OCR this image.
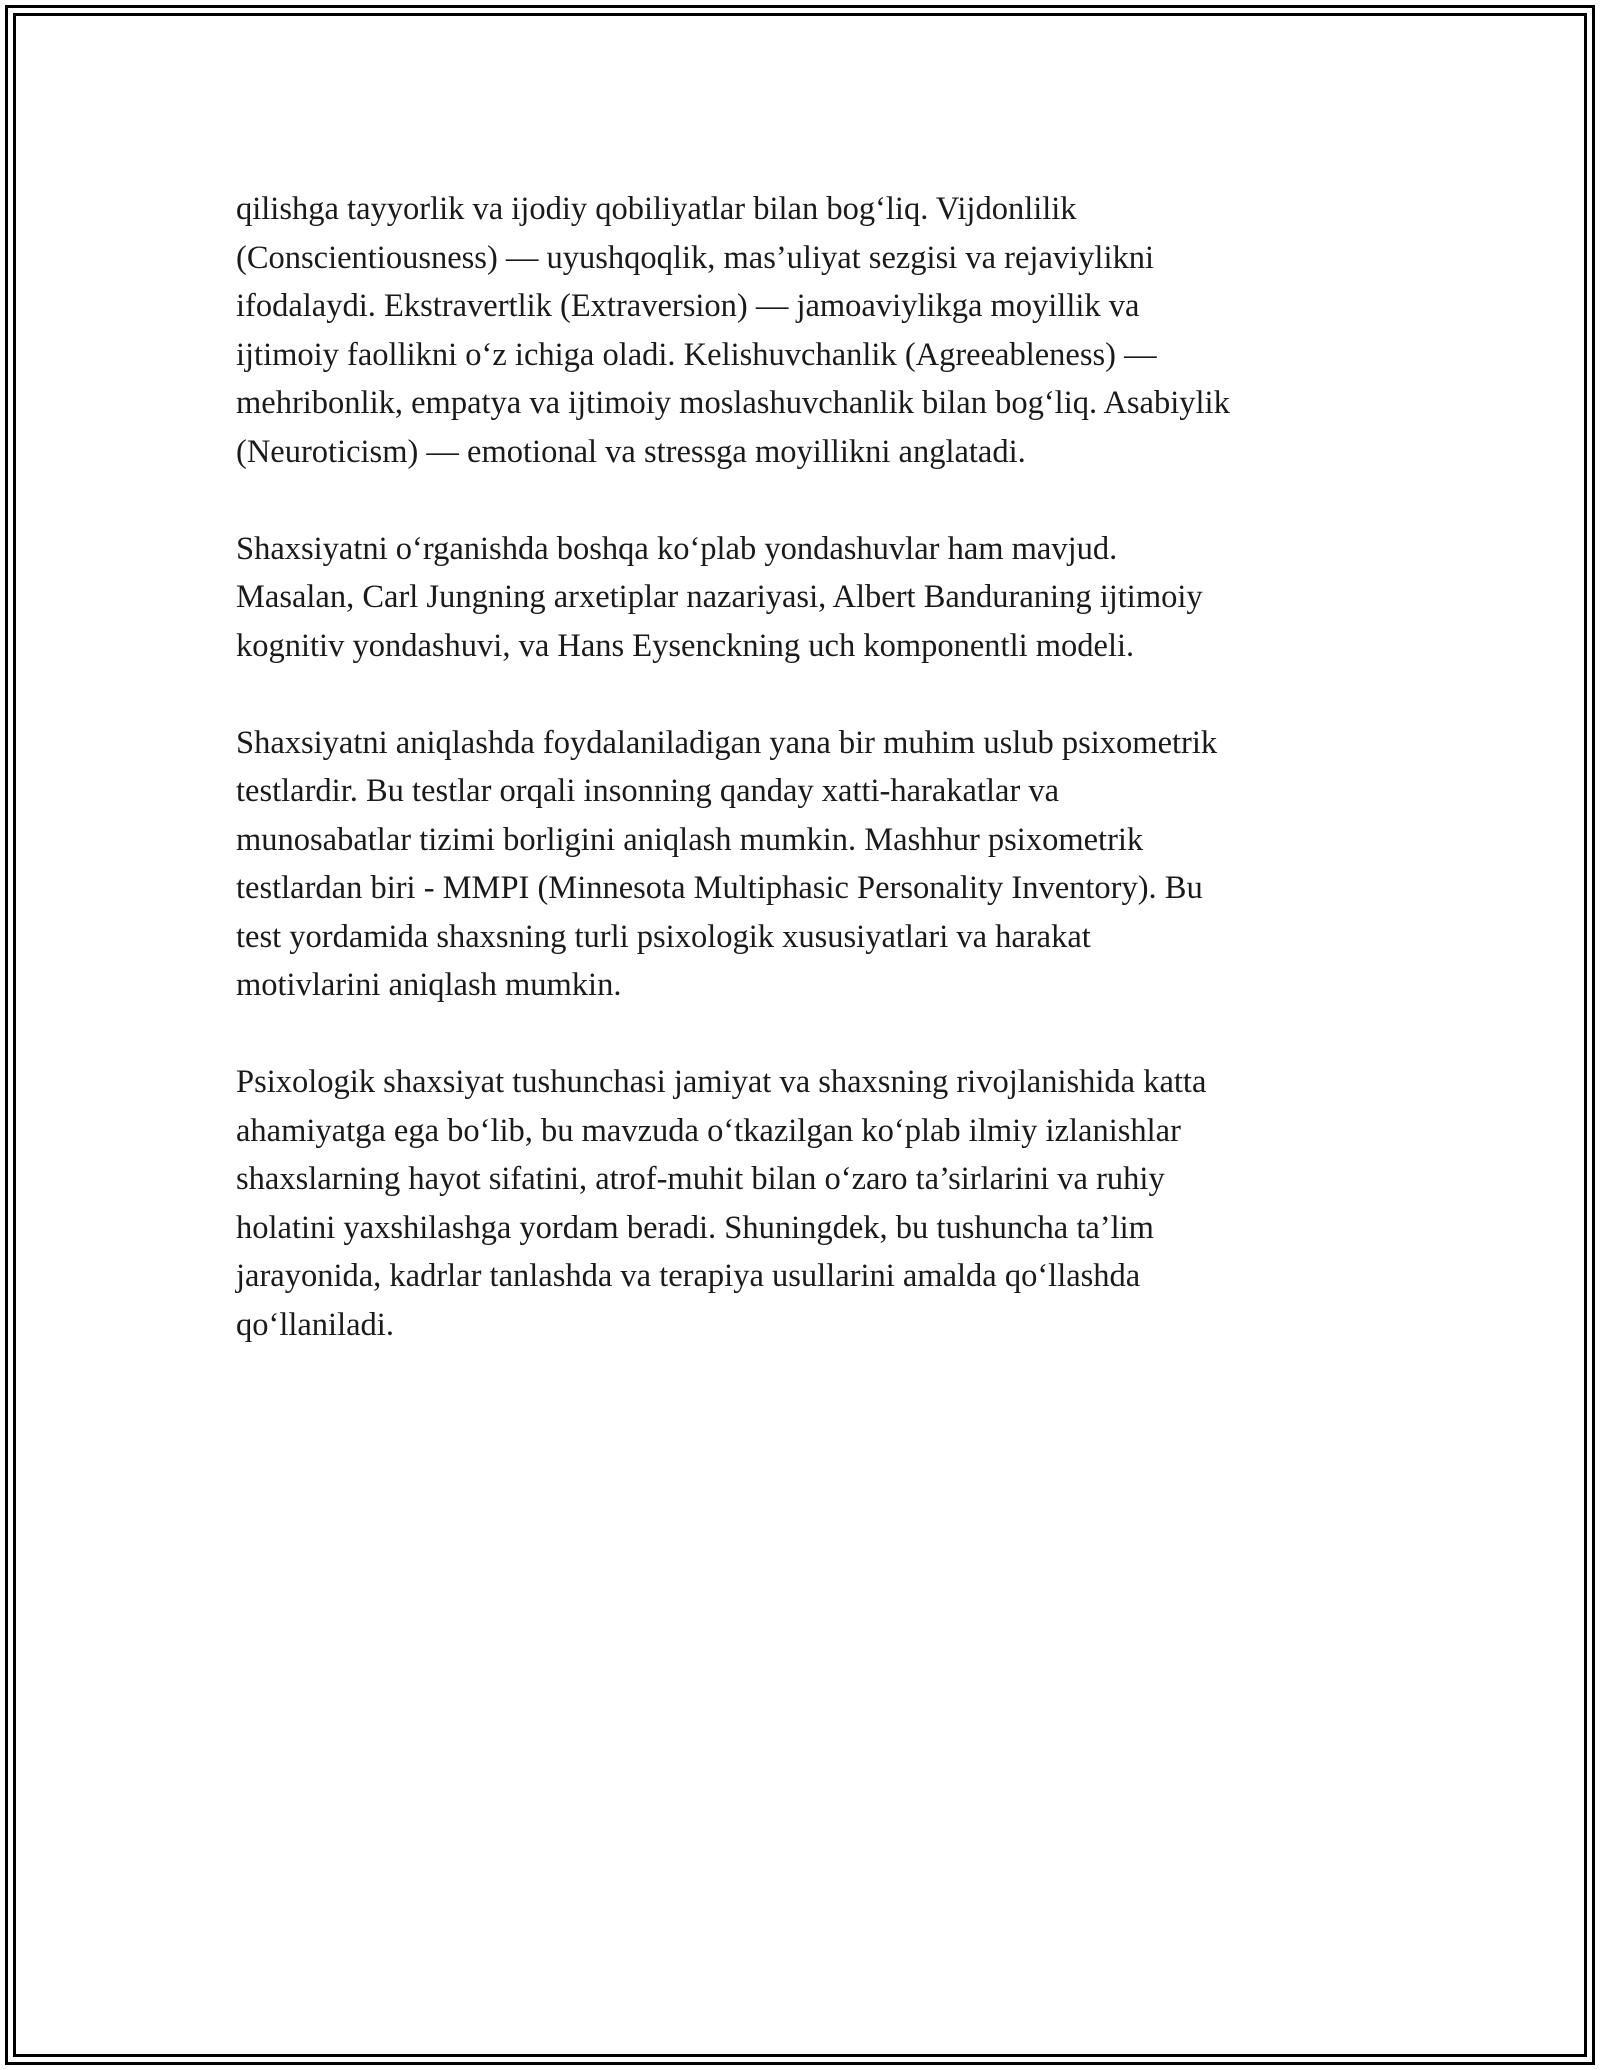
qilishga tayyorlik va ijodiy qobiliyatlar bilan bog‘liq. Vijdonlilik
(Conscientiousness) — uyushqoqlik, mas’uliyat sezgisi va rejaviylikni
ifodalaydi. Ekstravertlik (Extraversion) — jamoaviylikga moyillik va
ijtimoiy faollikni o‘z ichiga oladi. Kelishuvchanlik (Agreeableness) —
mehribonlik, empatya va ijtimoiy moslashuvchanlik bilan bog‘liq. Asabiylik
(Neuroticism) — emotional va stressga moyillikni anglatadi.

Shaxsiyatni o‘rganishda boshqa ko‘plab yondashuvlar ham mavjud.
Masalan, Carl Jungning arxetiplar nazariyasi, Albert Banduraning ijtimoiy
kognitiv yondashuvi, va Hans Eysenckning uch komponentli modeli.

Shaxsiyatni aniqlashda foydalaniladigan yana bir muhim uslub psixometrik
testlardir. Bu testlar orqali insonning qanday xatti-harakatlar va
munosabatlar tizimi borligini aniqlash mumkin. Mashhur psixometrik
testlardan biri - MMPI (Minnesota Multiphasic Personality Inventory). Bu
test yordamida shaxsning turli psixologik xususiyatlari va harakat
motivlarini aniqlash mumkin.

Psixologik shaxsiyat tushunchasi jamiyat va shaxsning rivojlanishida katta
ahamiyatga ega bo‘lib, bu mavzuda o‘tkazilgan ko‘plab ilmiy izlanishlar
shaxslarning hayot sifatini, atrof-muhit bilan o‘zaro ta’sirlarini va ruhiy
holatini yaxshilashga yordam beradi. Shuningdek, bu tushuncha ta’lim
jarayonida, kadrlar tanlashda va terapiya usullarini amalda qo‘llashda
qo‘llaniladi.
